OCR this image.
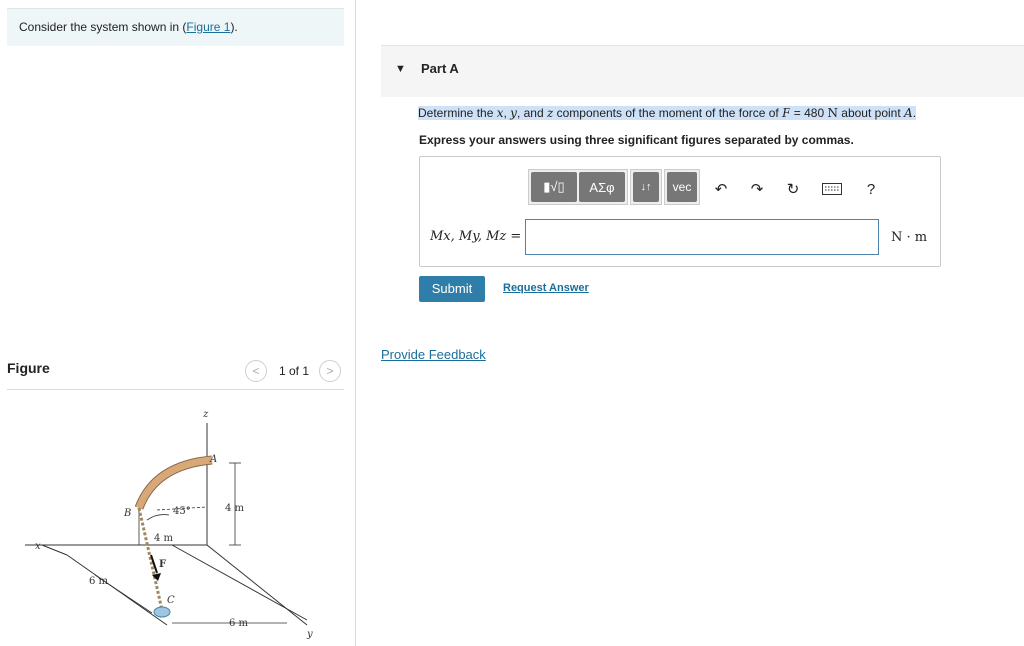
Consider the system shown in (Figure 1).
Figure	<	1 of 1	>
x
z
y
F
C
A
B	45°	4 m
4 m
6 m
6 m
▼ Part A
Determine the x, y, and z components of the moment of the force of F = 480 N about point A.
Express your answers using three significant figures separated by commas.
▮√▯	ΑΣφ	↓↑	vec	↶ ↷ ↻	?
Mx, My, Mz =	N · m
Submit	Request Answer
Provide Feedback
